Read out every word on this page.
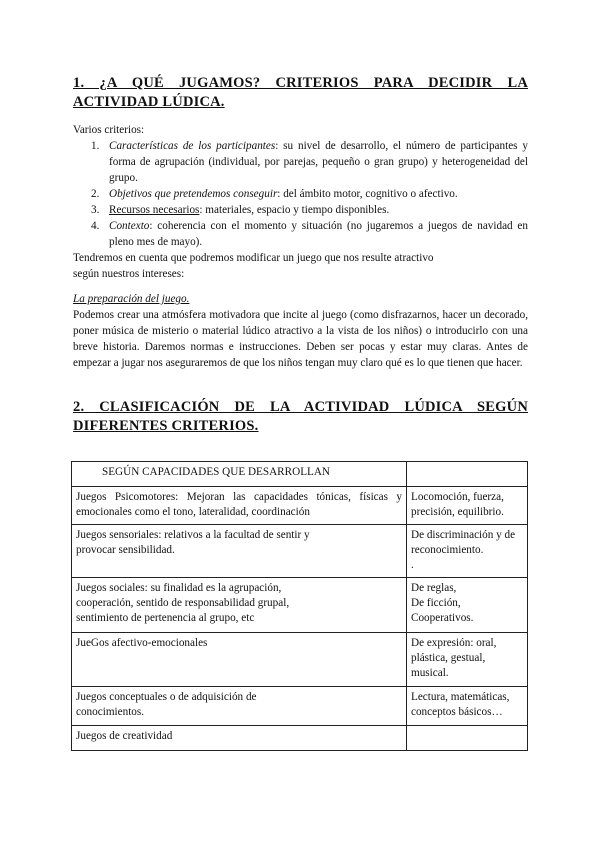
1. ¿A QUÉ JUGAMOS? CRITERIOS PARA DECIDIR LA
ACTIVIDAD LÚDICA.
Varios criterios:
1. Características de los participantes: su nivel de desarrollo, el número de participantes y forma de agrupación (individual, por parejas, pequeño o gran grupo) y heterogeneidad del grupo.
2. Objetivos que pretendemos conseguir: del ámbito motor, cognitivo o afectivo.
3. Recursos necesarios: materiales, espacio y tiempo disponibles.
4. Contexto: coherencia con el momento y situación (no jugaremos a juegos de navidad en pleno mes de mayo).
Tendremos en cuenta que podremos modificar un juego que nos resulte atractivo
según nuestros intereses:
La preparación del juego.
Podemos crear una atmósfera motivadora que incite al juego (como disfrazarnos, hacer un decorado, poner música de misterio o material lúdico atractivo a la vista de los niños) o introducirlo con una breve historia. Daremos normas e instrucciones. Deben ser pocas y estar muy claras. Antes de empezar a jugar nos aseguraremos de que los niños tengan muy claro qué es lo que tienen que hacer.
2. CLASIFICACIÓN DE LA ACTIVIDAD LÚDICA SEGÚN
DIFERENTES CRITERIOS.
SEGÚN CAPACIDADES QUE DESARROLLAN	
Juegos Psicomotores: Mejoran las capacidades tónicas, físicas y emocionales como el tono, lateralidad, coordinación	Locomoción, fuerza,
precisión, equilibrio.

Juegos sensoriales: relativos a la facultad de sentir y
provocar sensibilidad.	De discriminación y de
reconocimiento.
.

Juegos sociales: su finalidad es la agrupación,
cooperación, sentido de responsabilidad grupal,
sentimiento de pertenencia al grupo, etc	De reglas,
De ficción,
Cooperativos.

JueGos afectivo-emocionales	De expresión: oral,
plástica, gestual,
musical.

Juegos conceptuales o de adquisición de
conocimientos.	Lectura, matemáticas,
conceptos básicos…

Juegos de creatividad	
